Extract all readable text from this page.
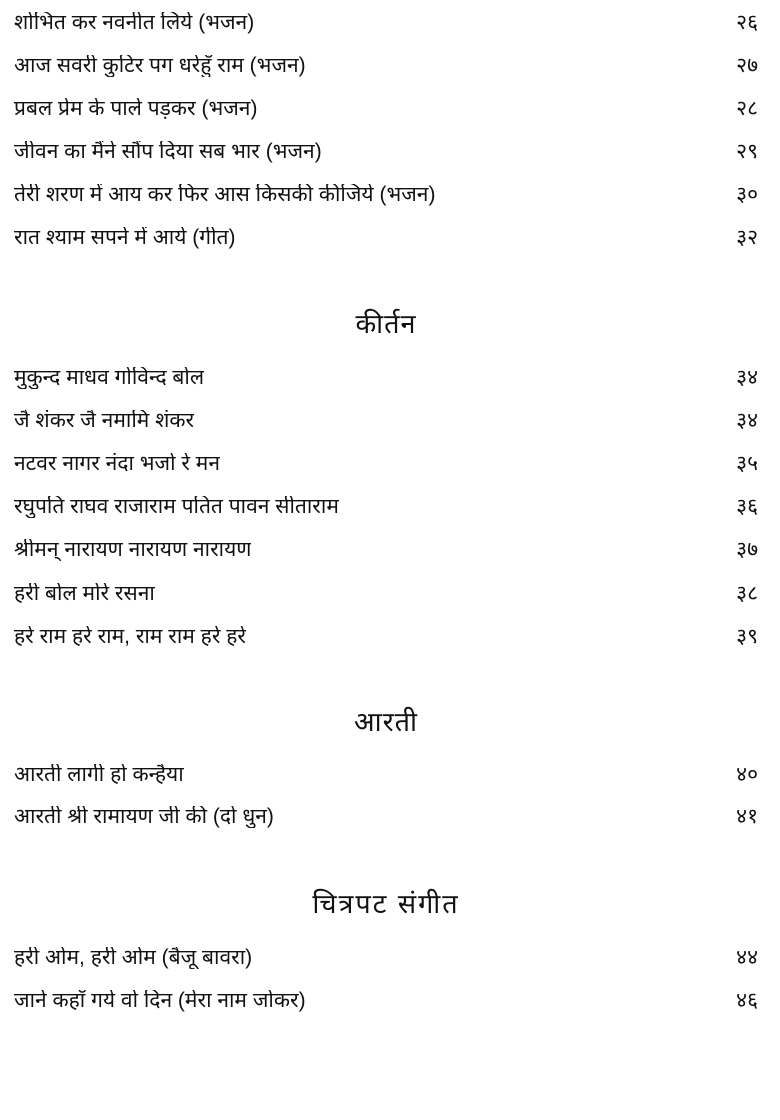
शोभित कर नवनीत लिये (भजन)	२६
आज सवरी कुटिर पग धरेहुँ राम (भजन)	२७
प्रबल प्रेम के पाले पड़कर (भजन)	२८
जीवन का मैंने सौंप दिया सब भार (भजन)	२९
तेरी शरण में आय कर फिर आस किसकी कीजिये (भजन)	३०
रात श्याम सपने में आये (गीत)	३२
कीर्तन
मुकुन्द माधव गोविन्द बोल	३४
जै शंकर जै नमामि शंकर	३४
नटवर नागर नंदा भजो रे मन	३५
रघुपति राघव राजाराम पतित पावन सीताराम	३६
श्रीमन् नारायण नारायण नारायण	३७
हरी बोल मोरे रसना	३८
हरे राम हरे राम, राम राम हरे हरे	३९
आरती
आरती लागी हो कन्हैया	४०
आरती श्री रामायण जी की (दो धुन)	४१
चित्रपट संगीत
हरी ओम, हरी ओम (बैजू बावरा)	४४
जाने कहाँ गये वो दिन (मेरा नाम जोकर)	४६
